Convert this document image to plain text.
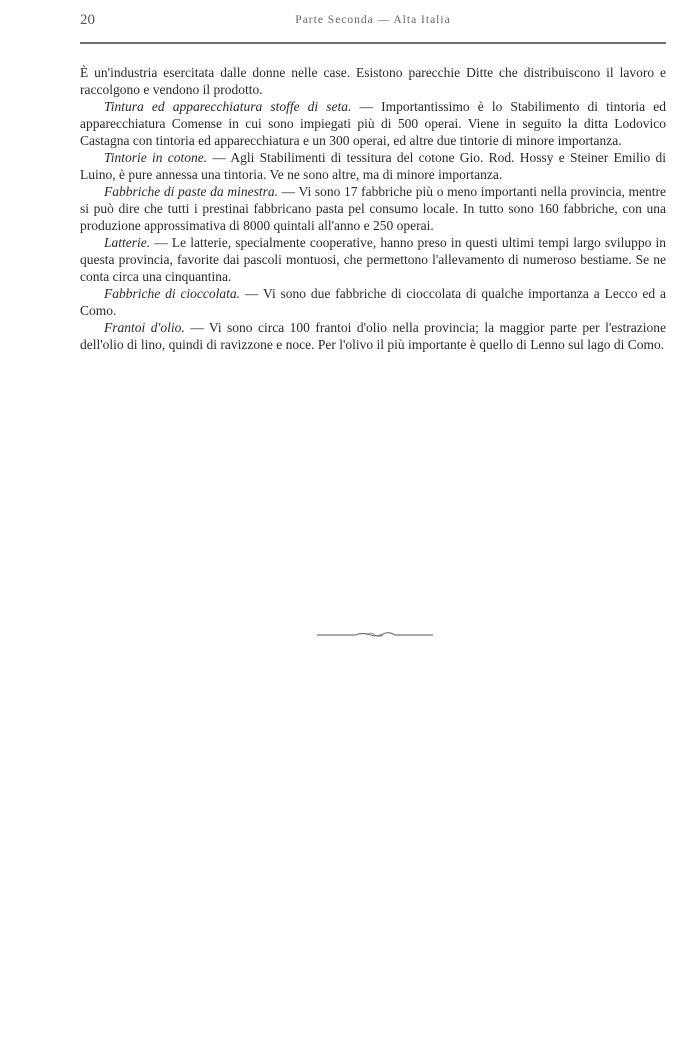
20	Parte Seconda — Alta Italia

È un'industria esercitata dalle donne nelle case. Esistono parecchie Ditte che distribuiscono il lavoro e raccolgono e vendono il prodotto.

Tintura ed apparecchiatura stoffe di seta. — Importantissimo è lo Stabilimento di tintoria ed apparecchiatura Comense in cui sono impiegati più di 500 operai. Viene in seguito la ditta Lodovico Castagna con tintoria ed apparecchiatura e un 300 operai, ed altre due tintorie di minore importanza.

Tintorie in cotone. — Agli Stabilimenti di tessitura del cotone Gio. Rod. Hossy e Steiner Emilio di Luino, è pure annessa una tintoria. Ve ne sono altre, ma di minore importanza.

Fabbriche di paste da minestra. — Vi sono 17 fabbriche più o meno importanti nella provincia, mentre si può dire che tutti i prestinai fabbricano pasta pel consumo locale. In tutto sono 160 fabbriche, con una produzione approssimativa di 8000 quintali all'anno e 250 operai.

Latterie. — Le latterie, specialmente cooperative, hanno preso in questi ultimi tempi largo sviluppo in questa provincia, favorite dai pascoli montuosi, che permettono l'allevamento di numeroso bestiame. Se ne conta circa una cinquantina.

Fabbriche di cioccolata. — Vi sono due fabbriche di cioccolata di qualche importanza a Lecco ed a Como.

Frantoi d'olio. — Vi sono circa 100 frantoi d'olio nella provincia; la maggior parte per l'estrazione dell'olio di lino, quindi di ravizzone e noce. Per l'olivo il più importante è quello di Lenno sul lago di Como.
